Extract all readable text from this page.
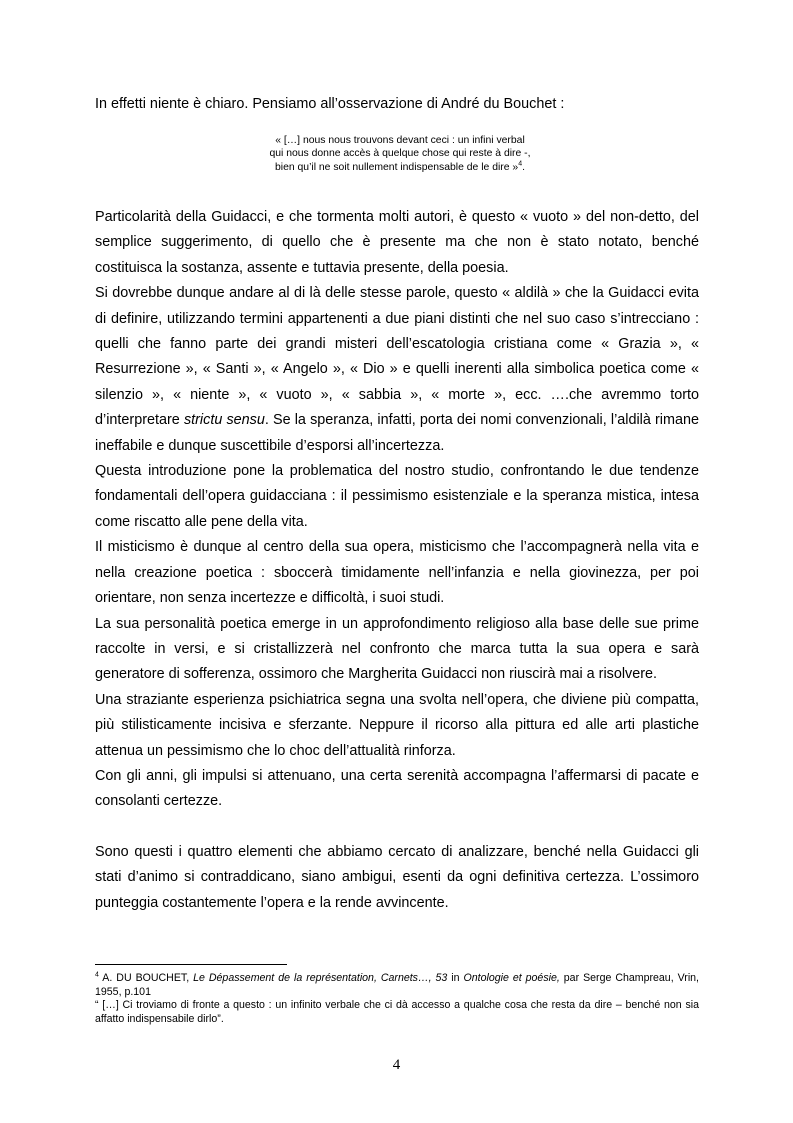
In effetti niente è chiaro. Pensiamo all’osservazione di André du Bouchet :

« […] nous nous trouvons devant ceci : un infini verbal
qui nous donne accès à quelque chose qui reste à dire -,
bien qu’il ne soit nullement indispensable de le dire »$^4$.

Particolarità della Guidacci, e che tormenta molti autori, è questo « vuoto » del non-detto, del semplice suggerimento, di quello che è presente ma che non è stato notato, benché costituisca la sostanza, assente e tuttavia presente, della poesia.

Si dovrebbe dunque andare al di là delle stesse parole, questo « aldilà » che la Guidacci evita di definire, utilizzando termini appartenenti a due piani distinti che nel suo caso s’intrecciano : quelli che fanno parte dei grandi misteri dell’escatologia cristiana come « Grazia », « Resurrezione », « Santi », « Angelo », « Dio » e quelli inerenti alla simbolica poetica come « silenzio », « niente », « vuoto », « sabbia », « morte », ecc. ….che avremmo torto d’interpretare strictu sensu. Se la speranza, infatti, porta dei nomi convenzionali, l’aldilà rimane ineffabile e dunque suscettibile d’esporsi all’incertezza.

Questa introduzione pone la problematica del nostro studio, confrontando le due tendenze fondamentali dell’opera guidacciana : il pessimismo esistenziale e la speranza mistica, intesa come riscatto alle pene della vita.

Il misticismo è dunque al centro della sua opera, misticismo che l’accompagnerà nella vita e nella creazione poetica : sboccerà timidamente nell’infanzia e nella giovinezza, per poi orientare, non senza incertezze e difficoltà, i suoi studi.

La sua personalità poetica emerge in un approfondimento religioso alla base delle sue prime raccolte in versi, e si cristallizzerà nel confronto che marca tutta la sua opera e sarà generatore di sofferenza, ossimoro che Margherita Guidacci non riuscirà mai a risolvere.

Una straziante esperienza psichiatrica segna una svolta nell’opera, che diviene più compatta, più stilisticamente incisiva e sferzante. Neppure il ricorso alla pittura ed alle arti plastiche attenua un pessimismo che lo choc dell’attualità rinforza.

Con gli anni, gli impulsi si attenuano, una certa serenità accompagna l’affermarsi di pacate e consolanti certezze.

Sono questi i quattro elementi che abbiamo cercato di analizzare, benché nella Guidacci gli stati d’animo si contraddicano, siano ambigui, esenti da ogni definitiva certezza. L’ossimoro punteggia costantemente l’opera e la rende avvincente.

$^4$ A. DU BOUCHET, Le Dépassement de la représentation, Carnets…, 53 in Ontologie et poésie, par Serge Champreau, Vrin, 1955, p.101

“ […] Ci troviamo di fronte a questo : un infinito verbale che ci dà accesso a qualche cosa che resta da dire – benché non sia affatto indispensabile dirlo”.

4
